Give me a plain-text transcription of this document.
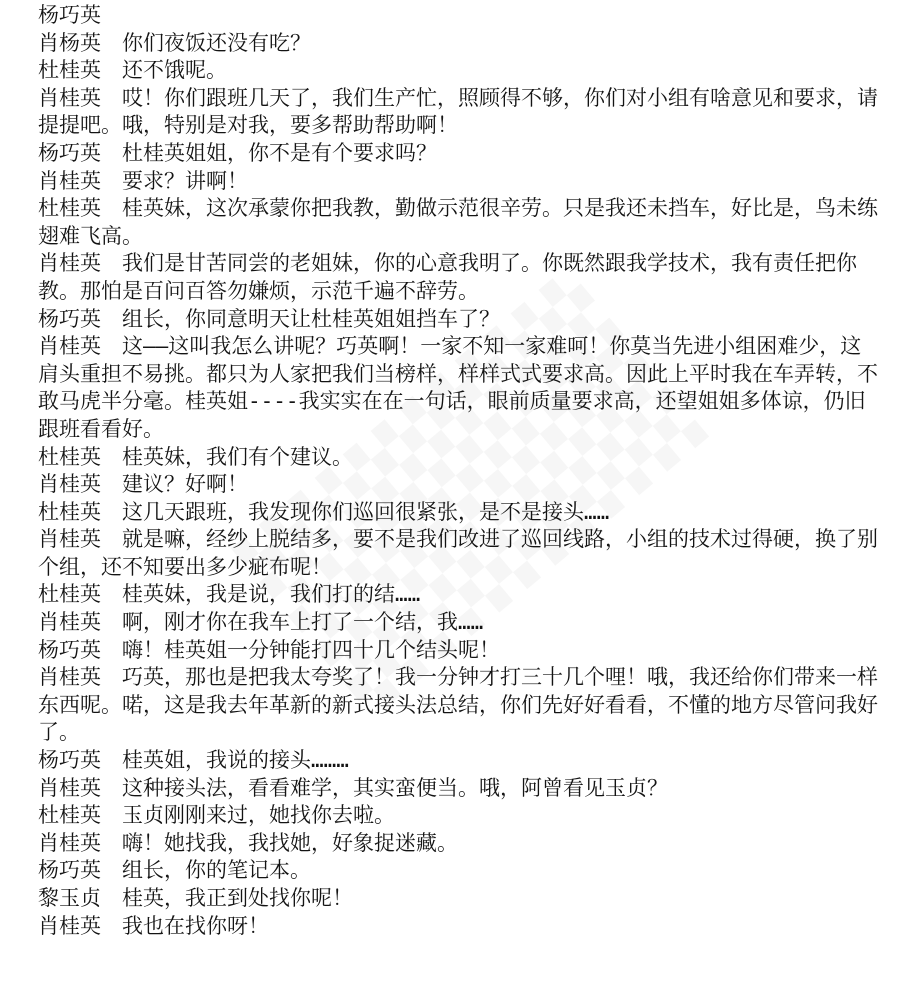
杨巧英
肖杨英 你们夜饭还没有吃？
杜桂英 还不饿呢。
肖桂英 哎！你们跟班几天了，我们生产忙，照顾得不够，你们对小组有啥意见和要求，请提提吧。哦，特别是对我，要多帮助帮助啊！
杨巧英 杜桂英姐姐，你不是有个要求吗？
肖桂英 要求？讲啊！
杜桂英 桂英妹，这次承蒙你把我教，勤做示范很辛劳。只是我还未挡车，好比是，鸟未练翅难飞高。
肖桂英 我们是甘苦同尝的老姐妹，你的心意我明了。你既然跟我学技术，我有责任把你教。那怕是百问百答勿嫌烦，示范千遍不辞劳。
杨巧英 组长，你同意明天让杜桂英姐姐挡车了？
肖桂英 这——这叫我怎么讲呢？巧英啊！一家不知一家难呵！你莫当先进小组困难少，这肩头重担不易挑。都只为人家把我们当榜样，样样式式要求高。因此上平时我在车弄转，不敢马虎半分毫。桂英姐----我实实在在一句话，眼前质量要求高，还望姐姐多体谅，仍旧跟班看看好。
杜桂英 桂英妹，我们有个建议。
肖桂英 建议？好啊！
杜桂英 这几天跟班，我发现你们巡回很紧张，是不是接头……
肖桂英 就是嘛，经纱上脱结多，要不是我们改进了巡回线路，小组的技术过得硬，换了别个组，还不知要出多少疵布呢！
杜桂英 桂英妹，我是说，我们打的结……
肖桂英 啊，刚才你在我车上打了一个结，我……
杨巧英 嗨！桂英姐一分钟能打四十几个结头呢！
肖桂英 巧英，那也是把我太夸奖了！我一分钟才打三十几个哩！哦，我还给你们带来一样东西呢。喏，这是我去年革新的新式接头法总结，你们先好好看看，不懂的地方尽管问我好了。
杨巧英 桂英姐，我说的接头………
肖桂英 这种接头法，看看难学，其实蛮便当。哦，阿曾看见玉贞？
杜桂英 玉贞刚刚来过，她找你去啦。
肖桂英 嗨！她找我，我找她，好象捉迷藏。
杨巧英 组长，你的笔记本。
黎玉贞 桂英，我正到处找你呢！
肖桂英 我也在找你呀！
